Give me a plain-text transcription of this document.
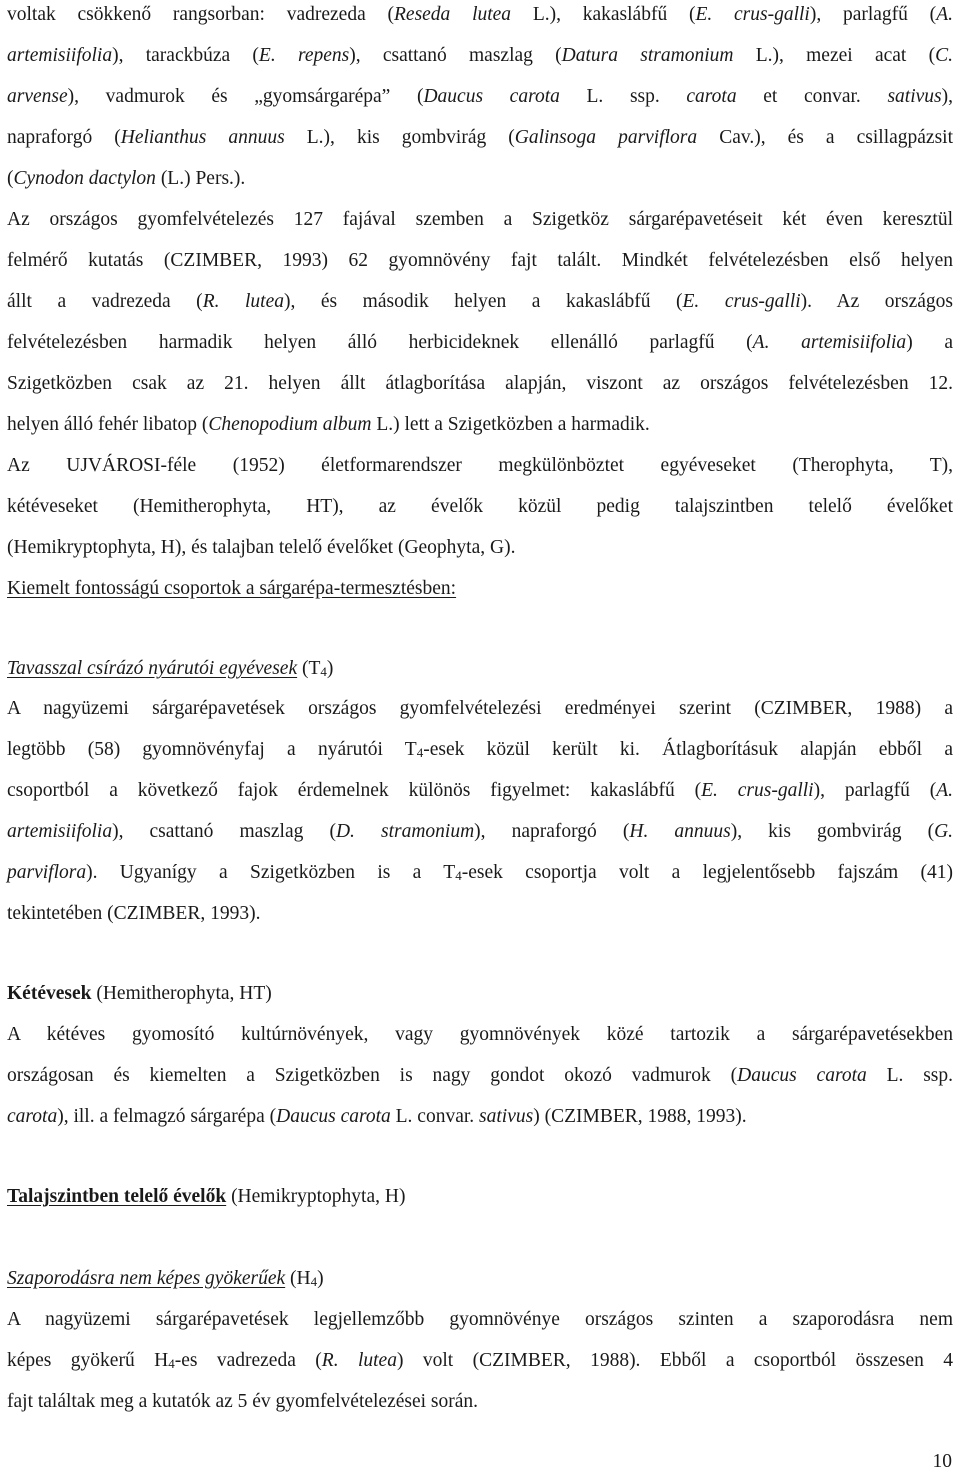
voltak csökkenő rangsorban: vadrezeda (Reseda lutea L.), kakaslábfű (E. crus-galli), parlagfű (A.
artemisiifolia), tarackbúza (E. repens), csattanó maszlag (Datura stramonium L.), mezei acat (C.
arvense), vadmurok és „gyomsárgarépa” (Daucus carota L. ssp. carota et convar. sativus),
napraforgó (Helianthus annuus L.), kis gombvirág (Galinsoga parviflora Cav.), és a csillagpázsit
(Cynodon dactylon (L.) Pers.).
Az országos gyomfelvételezés 127 fajával szemben a Szigetköz sárgarépavetéseit két éven keresztül
felmérő kutatás (CZIMBER, 1993) 62 gyomnövény fajt talált. Mindkét felvételezésben első helyen
állt a vadrezeda (R. lutea), és második helyen a kakaslábfű (E. crus-galli). Az országos
felvételezésben harmadik helyen álló herbicideknek ellenálló parlagfű (A. artemisiifolia) a
Szigetközben csak az 21. helyen állt átlagborítása alapján, viszont az országos felvételezésben 12.
helyen álló fehér libatop (Chenopodium album L.) lett a Szigetközben a harmadik.
Az UJVÁROSI-féle (1952) életformarendszer megkülönböztet egyéveseket (Therophyta, T),
kétéveseket (Hemitherophyta, HT), az évelők közül pedig talajszintben telelő évelőket
(Hemikryptophyta, H), és talajban telelő évelőket (Geophyta, G).
Kiemelt fontosságú csoportok a sárgarépa-termesztésben:
Tavasszal csírázó nyárutói egyévesek $(T_4)$
A nagyüzemi sárgarépavetések országos gyomfelvételezési eredményei szerint (CZIMBER, 1988) a
legtöbb (58) gyomnövényfaj a nyárutói $T_4$-esek közül került ki. Átlagborításuk alapján ebből a
csoportból a következő fajok érdemelnek különös figyelmet: kakaslábfű (E. crus-galli), parlagfű (A.
artemisiifolia), csattanó maszlag (D. stramonium), napraforgó (H. annuus), kis gombvirág (G.
parviflora). Ugyanígy a Szigetközben is a $T_4$-esek csoportja volt a legjelentősebb fajszám (41)
tekintetében (CZIMBER, 1993).
Kétévesek (Hemitherophyta, HT)
A kétéves gyomosító kultúrnövények, vagy gyomnövények közé tartozik a sárgarépavetésekben
országosan és kiemelten a Szigetközben is nagy gondot okozó vadmurok (Daucus carota L. ssp.
carota), ill. a felmagzó sárgarépa (Daucus carota L. convar. sativus) (CZIMBER, 1988, 1993).
Talajszintben telelő évelők (Hemikryptophyta, H)
Szaporodásra nem képes gyökerűek $(H_4)$
A nagyüzemi sárgarépavetések legjellemzőbb gyomnövénye országos szinten a szaporodásra nem
képes gyökerű $H_4-es$ vadrezeda (R. lutea) volt (CZIMBER, 1988). Ebből a csoportból összesen 4
fajt találtak meg a kutatók az 5 év gyomfelvételezései során.
10
